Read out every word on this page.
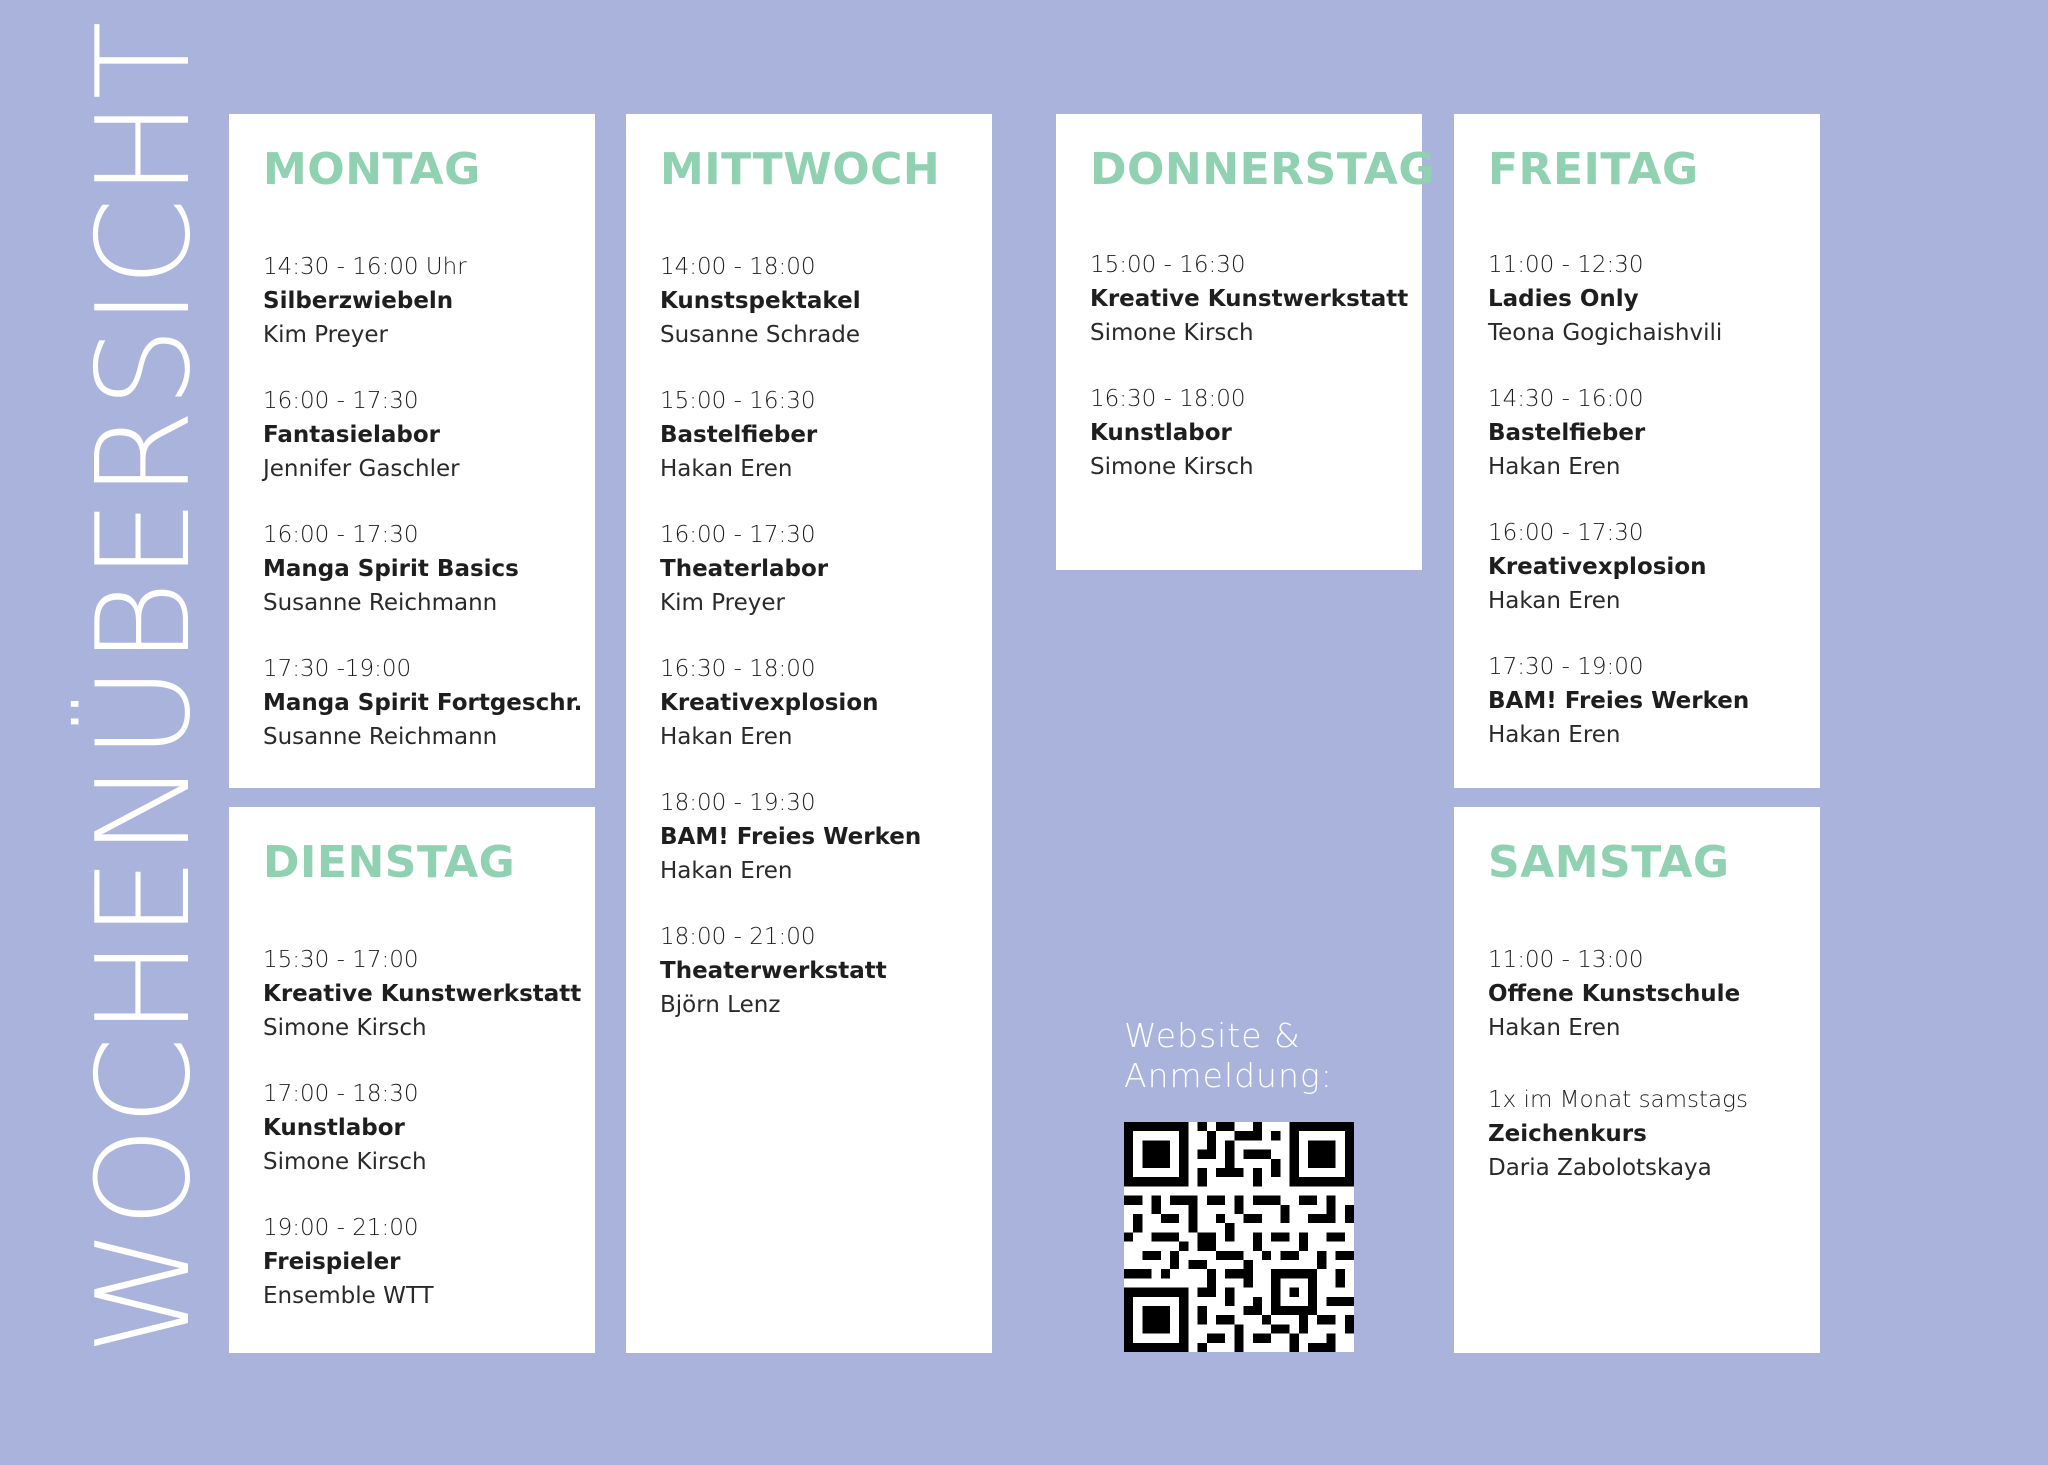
WOCHENÜBERSICHT MONTAG
14:30 - 16:00 Uhr
Silberzwiebeln
Kim Preyer
16:00 - 17:30
Fantasielabor
Jennifer Gaschler
16:00 - 17:30
Manga Spirit Basics
Susanne Reichmann
17:30 -19:00
Manga Spirit Fortgeschr.
Susanne Reichmann
DIENSTAG
15:30 - 17:00
Kreative Kunstwerkstatt
Simone Kirsch
17:00 - 18:30
Kunstlabor
Simone Kirsch
19:00 - 21:00
Freispieler
Ensemble WTT
MITTWOCH
14:00 - 18:00
Kunstspektakel
Susanne Schrade
15:00 - 16:30
Bastelfieber
Hakan Eren
16:00 - 17:30
Theaterlabor
Kim Preyer
16:30 - 18:00
Kreativexplosion
Hakan Eren
18:00 - 19:30
BAM! Freies Werken
Hakan Eren
18:00 - 21:00
Theaterwerkstatt
Björn Lenz
DONNERSTAG
15:00 - 16:30
Kreative Kunstwerkstatt
Simone Kirsch
16:30 - 18:00
Kunstlabor
Simone Kirsch
FREITAG
11:00 - 12:30
Ladies Only
Teona Gogichaishvili
14:30 - 16:00
Bastelfieber
Hakan Eren
16:00 - 17:30
Kreativexplosion
Hakan Eren
17:30 - 19:00
BAM! Freies Werken
Hakan Eren
SAMSTAG
11:00 - 13:00
Offene Kunstschule
Hakan Eren
1x im Monat samstags
Zeichenkurs
Daria Zabolotskaya
Website &
Anmeldung:
